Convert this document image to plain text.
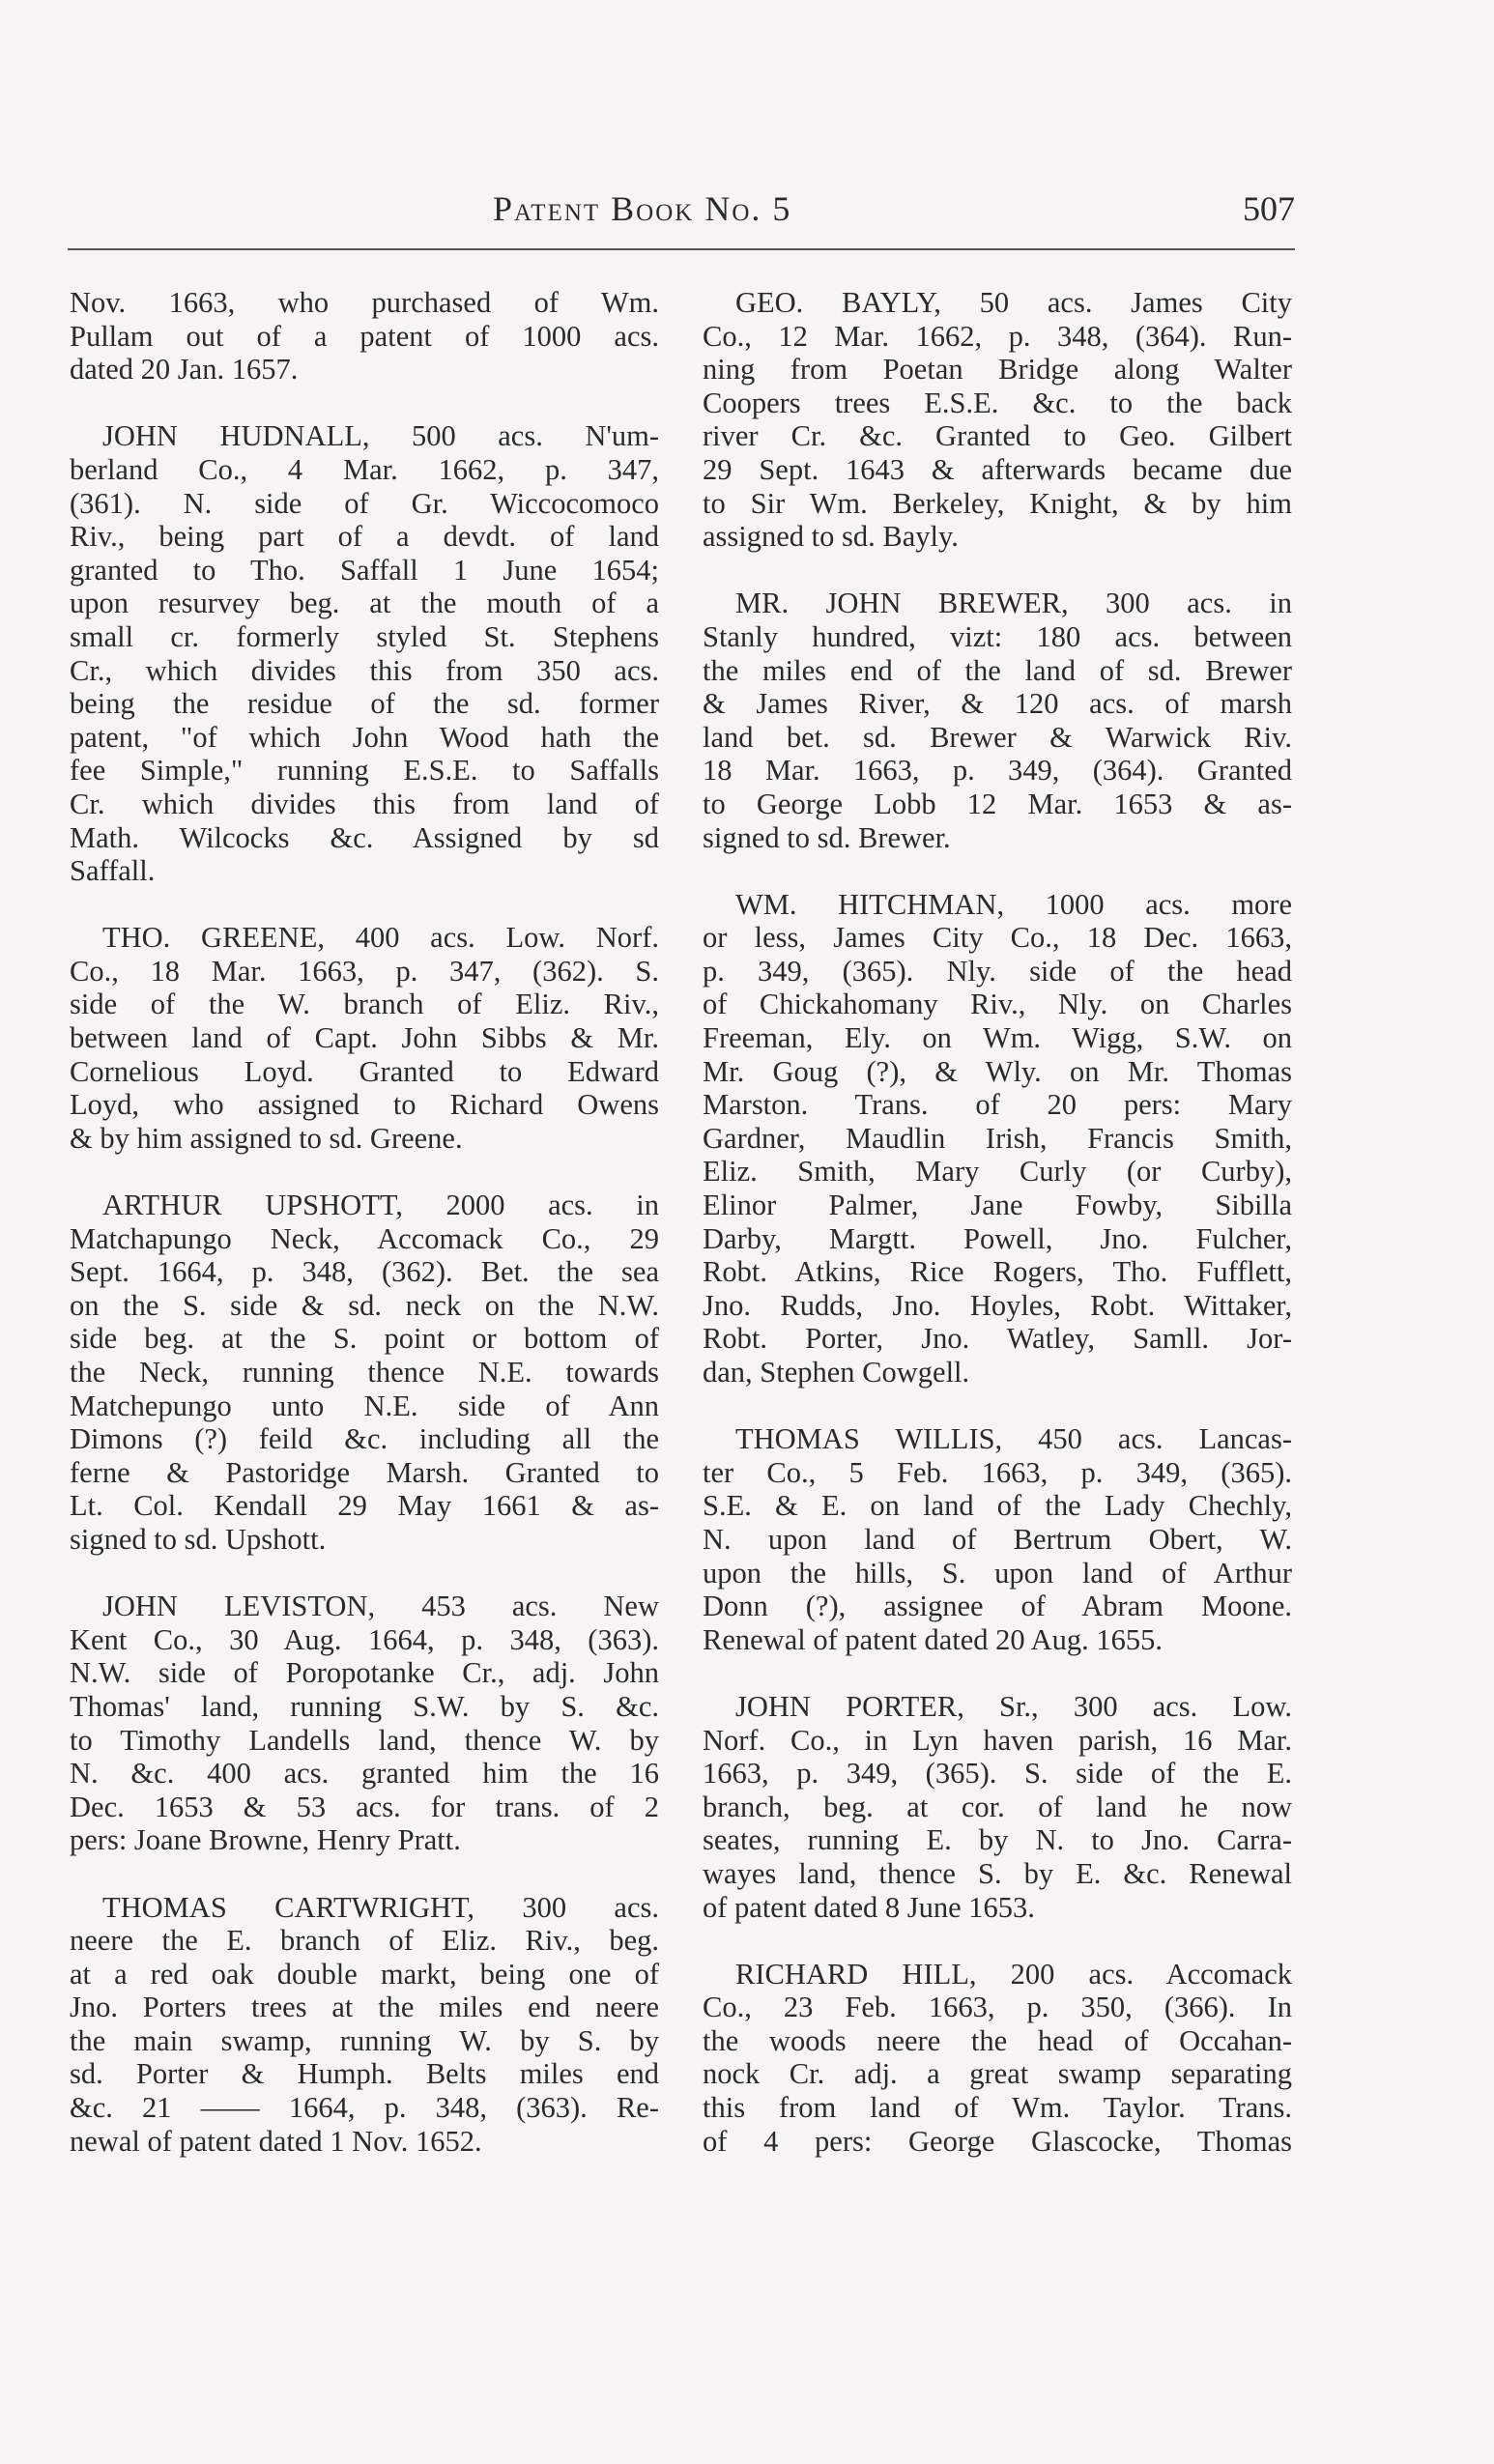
Patent Book No. 5	507
Nov. 1663, who purchased of Wm.
Pullam out of a patent of 1000 acs.
dated 20 Jan. 1657.
JOHN HUDNALL, 500 acs. N'um-
berland Co., 4 Mar. 1662, p. 347,
(361). N. side of Gr. Wiccocomoco
Riv., being part of a devdt. of land
granted to Tho. Saffall 1 June 1654;
upon resurvey beg. at the mouth of a
small cr. formerly styled St. Stephens
Cr., which divides this from 350 acs.
being the residue of the sd. former
patent, "of which John Wood hath the
fee Simple," running E.S.E. to Saffalls
Cr. which divides this from land of
Math. Wilcocks &c. Assigned by sd
Saffall.
THO. GREENE, 400 acs. Low. Norf.
Co., 18 Mar. 1663, p. 347, (362). S.
side of the W. branch of Eliz. Riv.,
between land of Capt. John Sibbs & Mr.
Cornelious Loyd. Granted to Edward
Loyd, who assigned to Richard Owens
& by him assigned to sd. Greene.
ARTHUR UPSHOTT, 2000 acs. in
Matchapungo Neck, Accomack Co., 29
Sept. 1664, p. 348, (362). Bet. the sea
on the S. side & sd. neck on the N.W.
side beg. at the S. point or bottom of
the Neck, running thence N.E. towards
Matchepungo unto N.E. side of Ann
Dimons (?) feild &c. including all the
ferne & Pastoridge Marsh. Granted to
Lt. Col. Kendall 29 May 1661 & as-
signed to sd. Upshott.
JOHN LEVISTON, 453 acs. New
Kent Co., 30 Aug. 1664, p. 348, (363).
N.W. side of Poropotanke Cr., adj. John
Thomas' land, running S.W. by S. &c.
to Timothy Landells land, thence W. by
N. &c. 400 acs. granted him the 16
Dec. 1653 & 53 acs. for trans. of 2
pers: Joane Browne, Henry Pratt.
THOMAS CARTWRIGHT, 300 acs.
neere the E. branch of Eliz. Riv., beg.
at a red oak double markt, being one of
Jno. Porters trees at the miles end neere
the main swamp, running W. by S. by
sd. Porter & Humph. Belts miles end
&c. 21 —— 1664, p. 348, (363). Re-
newal of patent dated 1 Nov. 1652.
GEO. BAYLY, 50 acs. James City
Co., 12 Mar. 1662, p. 348, (364). Run-
ning from Poetan Bridge along Walter
Coopers trees E.S.E. &c. to the back
river Cr. &c. Granted to Geo. Gilbert
29 Sept. 1643 & afterwards became due
to Sir Wm. Berkeley, Knight, & by him
assigned to sd. Bayly.
MR. JOHN BREWER, 300 acs. in
Stanly hundred, vizt: 180 acs. between
the miles end of the land of sd. Brewer
& James River, & 120 acs. of marsh
land bet. sd. Brewer & Warwick Riv.
18 Mar. 1663, p. 349, (364). Granted
to George Lobb 12 Mar. 1653 & as-
signed to sd. Brewer.
WM. HITCHMAN, 1000 acs. more
or less, James City Co., 18 Dec. 1663,
p. 349, (365). Nly. side of the head
of Chickahomany Riv., Nly. on Charles
Freeman, Ely. on Wm. Wigg, S.W. on
Mr. Goug (?), & Wly. on Mr. Thomas
Marston. Trans. of 20 pers: Mary
Gardner, Maudlin Irish, Francis Smith,
Eliz. Smith, Mary Curly (or Curby),
Elinor Palmer, Jane Fowby, Sibilla
Darby, Margtt. Powell, Jno. Fulcher,
Robt. Atkins, Rice Rogers, Tho. Fufflett,
Jno. Rudds, Jno. Hoyles, Robt. Wittaker,
Robt. Porter, Jno. Watley, Samll. Jor-
dan, Stephen Cowgell.
THOMAS WILLIS, 450 acs. Lancas-
ter Co., 5 Feb. 1663, p. 349, (365).
S.E. & E. on land of the Lady Chechly,
N. upon land of Bertrum Obert, W.
upon the hills, S. upon land of Arthur
Donn (?), assignee of Abram Moone.
Renewal of patent dated 20 Aug. 1655.
JOHN PORTER, Sr., 300 acs. Low.
Norf. Co., in Lyn haven parish, 16 Mar.
1663, p. 349, (365). S. side of the E.
branch, beg. at cor. of land he now
seates, running E. by N. to Jno. Carra-
wayes land, thence S. by E. &c. Renewal
of patent dated 8 June 1653.
RICHARD HILL, 200 acs. Accomack
Co., 23 Feb. 1663, p. 350, (366). In
the woods neere the head of Occahan-
nock Cr. adj. a great swamp separating
this from land of Wm. Taylor. Trans.
of 4 pers: George Glascocke, Thomas
